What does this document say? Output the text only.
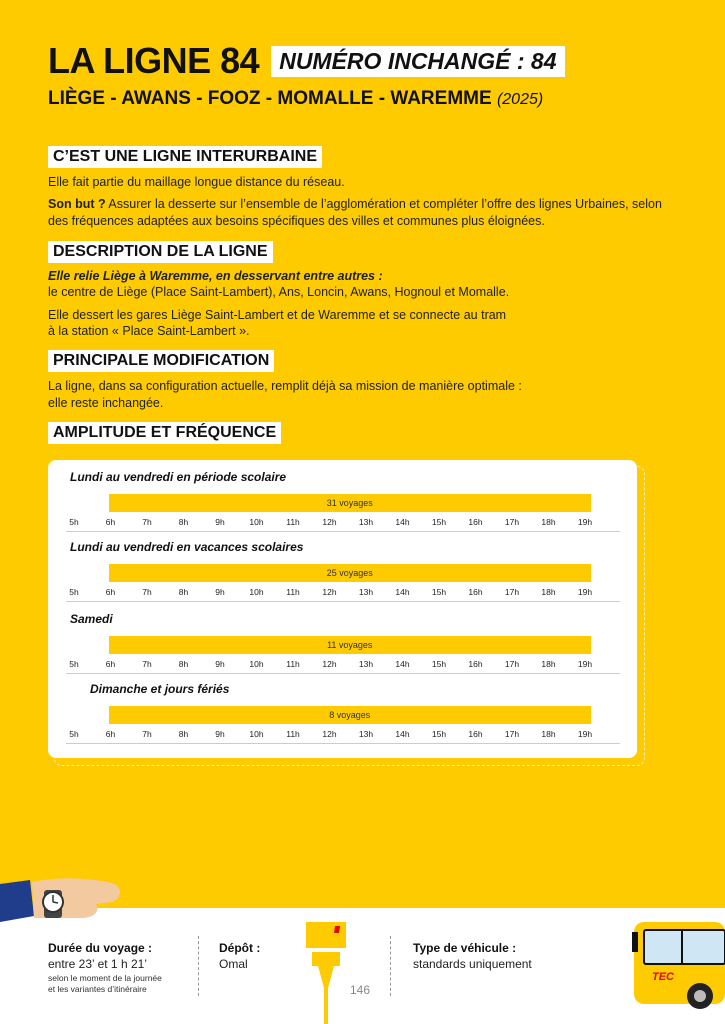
LA LIGNE 84 NUMÉRO INCHANGÉ : 84
LIÈGE - AWANS - FOOZ - MOMALLE - WAREMME (2025)
C’EST UNE LIGNE INTERURBAINE
Elle fait partie du maillage longue distance du réseau.
Son but ? Assurer la desserte sur l’ensemble de l’agglomération et compléter l’offre des lignes Urbaines, selon des fréquences adaptées aux besoins spécifiques des villes et communes plus éloignées.
DESCRIPTION DE LA LIGNE
Elle relie Liège à Waremme, en desservant entre autres :
le centre de Liège (Place Saint-Lambert), Ans, Loncin, Awans, Hognoul et Momalle.
Elle dessert les gares Liège Saint-Lambert et de Waremme et se connecte au tram
à la station « Place Saint-Lambert ».
PRINCIPALE MODIFICATION
La ligne, dans sa configuration actuelle, remplit déjà sa mission de manière optimale :
elle reste inchangée.
AMPLITUDE ET FRÉQUENCE
Lundi au vendredi en période scolaire
31 voyages
5h	6h	7h	8h	9h	10h	11h	12h	13h	14h	15h	16h	17h	18h	19h
Lundi au vendredi en vacances scolaires
25 voyages
5h	6h	7h	8h	9h	10h	11h	12h	13h	14h	15h	16h	17h	18h	19h
Samedi
11 voyages
5h	6h	7h	8h	9h	10h	11h	12h	13h	14h	15h	16h	17h	18h	19h
Dimanche et jours fériés
8 voyages
5h	6h	7h	8h	9h	10h	11h	12h	13h	14h	15h	16h	17h	18h	19h
TEC
Durée du voyage :
entre 23’ et 1 h 21’
selon le moment de la journée
et les variantes d’itinéraire
Dépôt :
Omal
Type de véhicule :
standards uniquement
146
